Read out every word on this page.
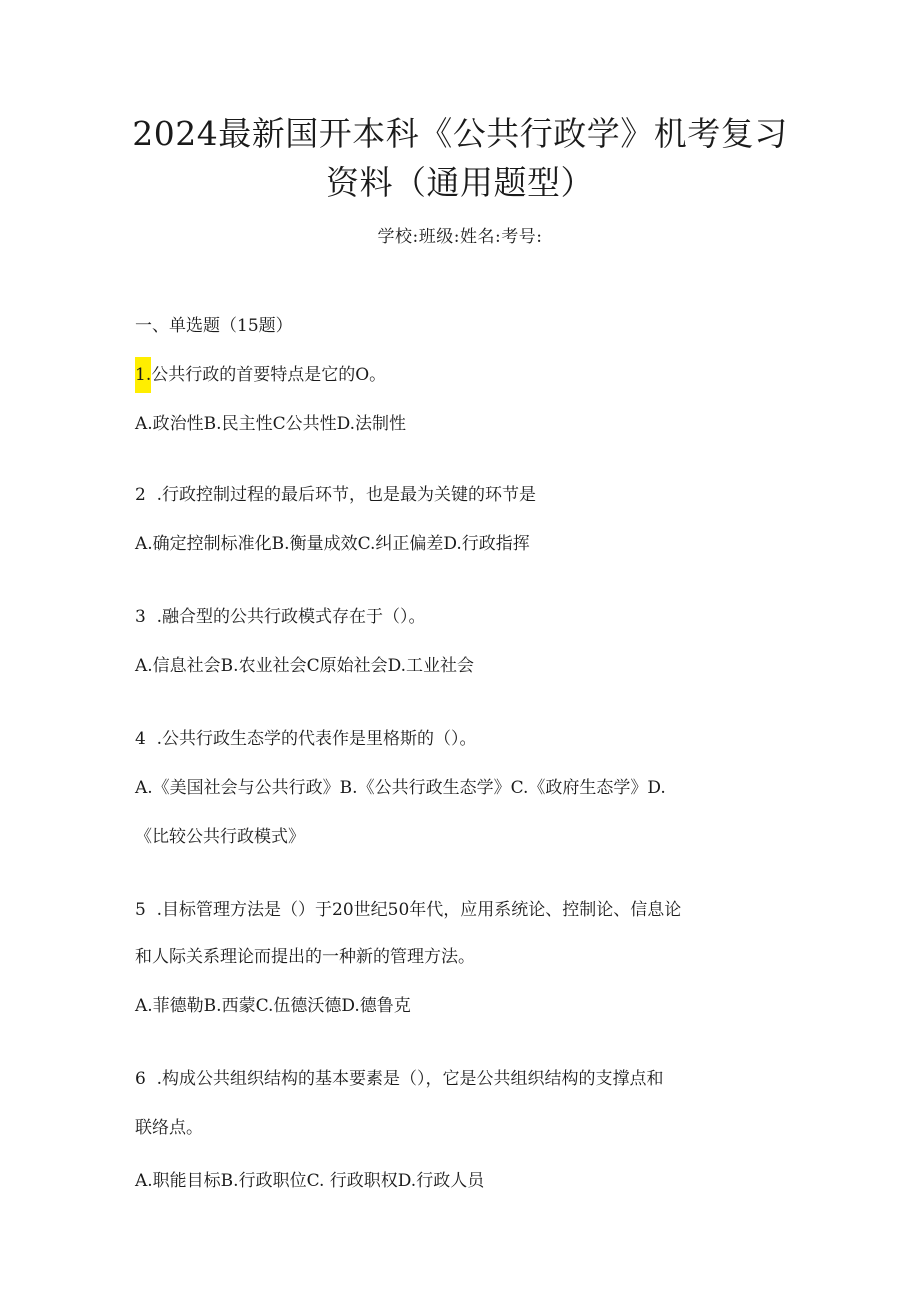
2024最新国开本科《公共行政学》机考复习
资料（通用题型）
学校:班级:姓名:考号:
一、单选题（15题）
1.公共行政的首要特点是它的O。
A.政治性B.民主性C公共性D.法制性
2 .行政控制过程的最后环节，也是最为关键的环节是
A.确定控制标准化B.衡量成效C.纠正偏差D.行政指挥
3 .融合型的公共行政模式存在于（）。
A.信息社会B.农业社会C原始社会D.工业社会
4 .公共行政生态学的代表作是里格斯的（）。
A.《美国社会与公共行政》B.《公共行政生态学》C.《政府生态学》D.
《比较公共行政模式》
5 .目标管理方法是（）于20世纪50年代，应用系统论、控制论、信息论
和人际关系理论而提出的一种新的管理方法。
A.菲德勒B.西蒙C.伍德沃德D.德鲁克
6 .构成公共组织结构的基本要素是（），它是公共组织结构的支撑点和
联络点。
A.职能目标B.行政职位C. 行政职权D.行政人员
